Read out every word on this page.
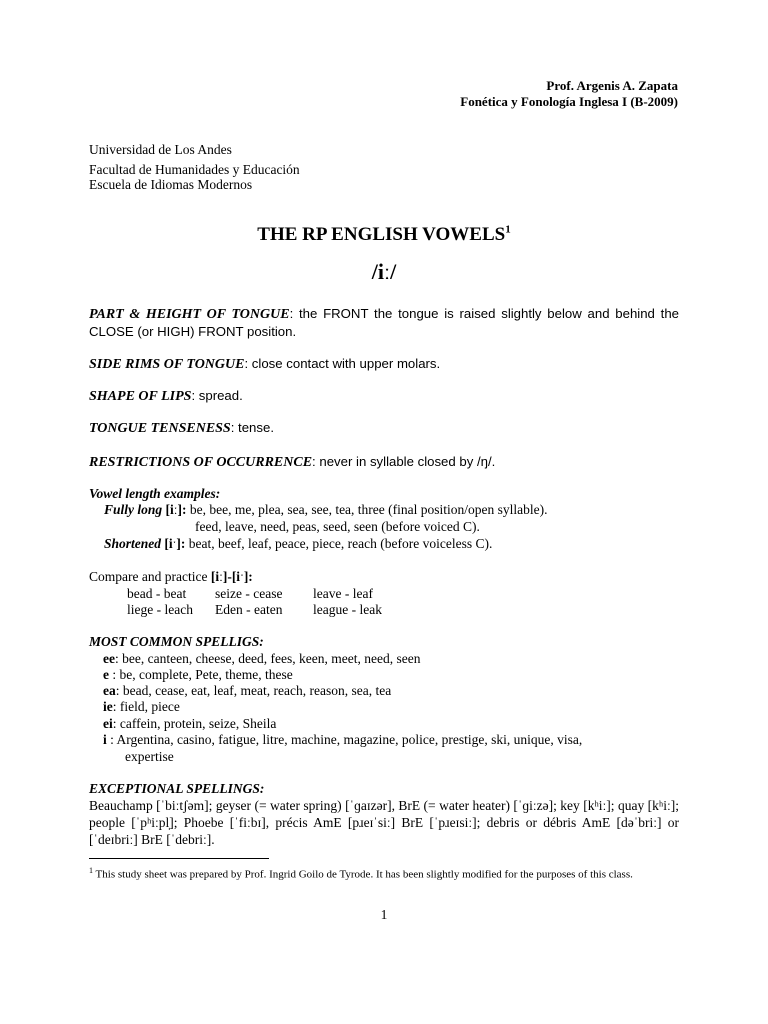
Prof. Argenis A. Zapata
Fonética y Fonología Inglesa I (B-2009)
Universidad de Los Andes
Facultad de Humanidades y Educación
Escuela de Idiomas Modernos
THE RP ENGLISH VOWELS$^1$
/iː/
PART & HEIGHT OF TONGUE: the FRONT the tongue is raised slightly below and behind the CLOSE (or HIGH) FRONT position.
SIDE RIMS OF TONGUE: close contact with upper molars.
SHAPE OF LIPS: spread.
TONGUE TENSENESS: tense.
RESTRICTIONS OF OCCURRENCE: never in syllable closed by /ŋ/.
Vowel length examples:
Fully long [iː]: be, bee, me, plea, sea, see, tea, three (final position/open syllable).
feed, leave, need, peas, seed, seen (before voiced C).
Shortened [iˑ]: beat, beef, leaf, peace, piece, reach (before voiceless C).
Compare and practice [iː]-[iˑ]:
bead - beat seize - cease leave - leaf
liege - leach Eden - eaten league - leak
MOST COMMON SPELLIGS:
ee: bee, canteen, cheese, deed, fees, keen, meet, need, seen
e : be, complete, Pete, theme, these
ea: bead, cease, eat, leaf, meat, reach, reason, sea, tea
ie: field, piece
ei: caffein, protein, seize, Sheila
i : Argentina, casino, fatigue, litre, machine, magazine, police, prestige, ski, unique, visa,
expertise
EXCEPTIONAL SPELLINGS:
Beauchamp [ˈbiːtʃəm]; geyser (= water spring) [ˈɡaɪzər], BrE (= water heater) [ˈɡiːzə]; key [kʰiː]; quay [kʰiː]; people [ˈpʰiːpl̩]; Phoebe [ˈfiːbɪ], précis AmE [pɹeɪˈsiː] BrE [ˈpɹeɪsiː]; debris or débris AmE [dəˈbriː] or [ˈdeɪbriː] BrE [ˈdebriː].
$^1$ This study sheet was prepared by Prof. Ingrid Goilo de Tyrode. It has been slightly modified for the purposes of this class.
1
